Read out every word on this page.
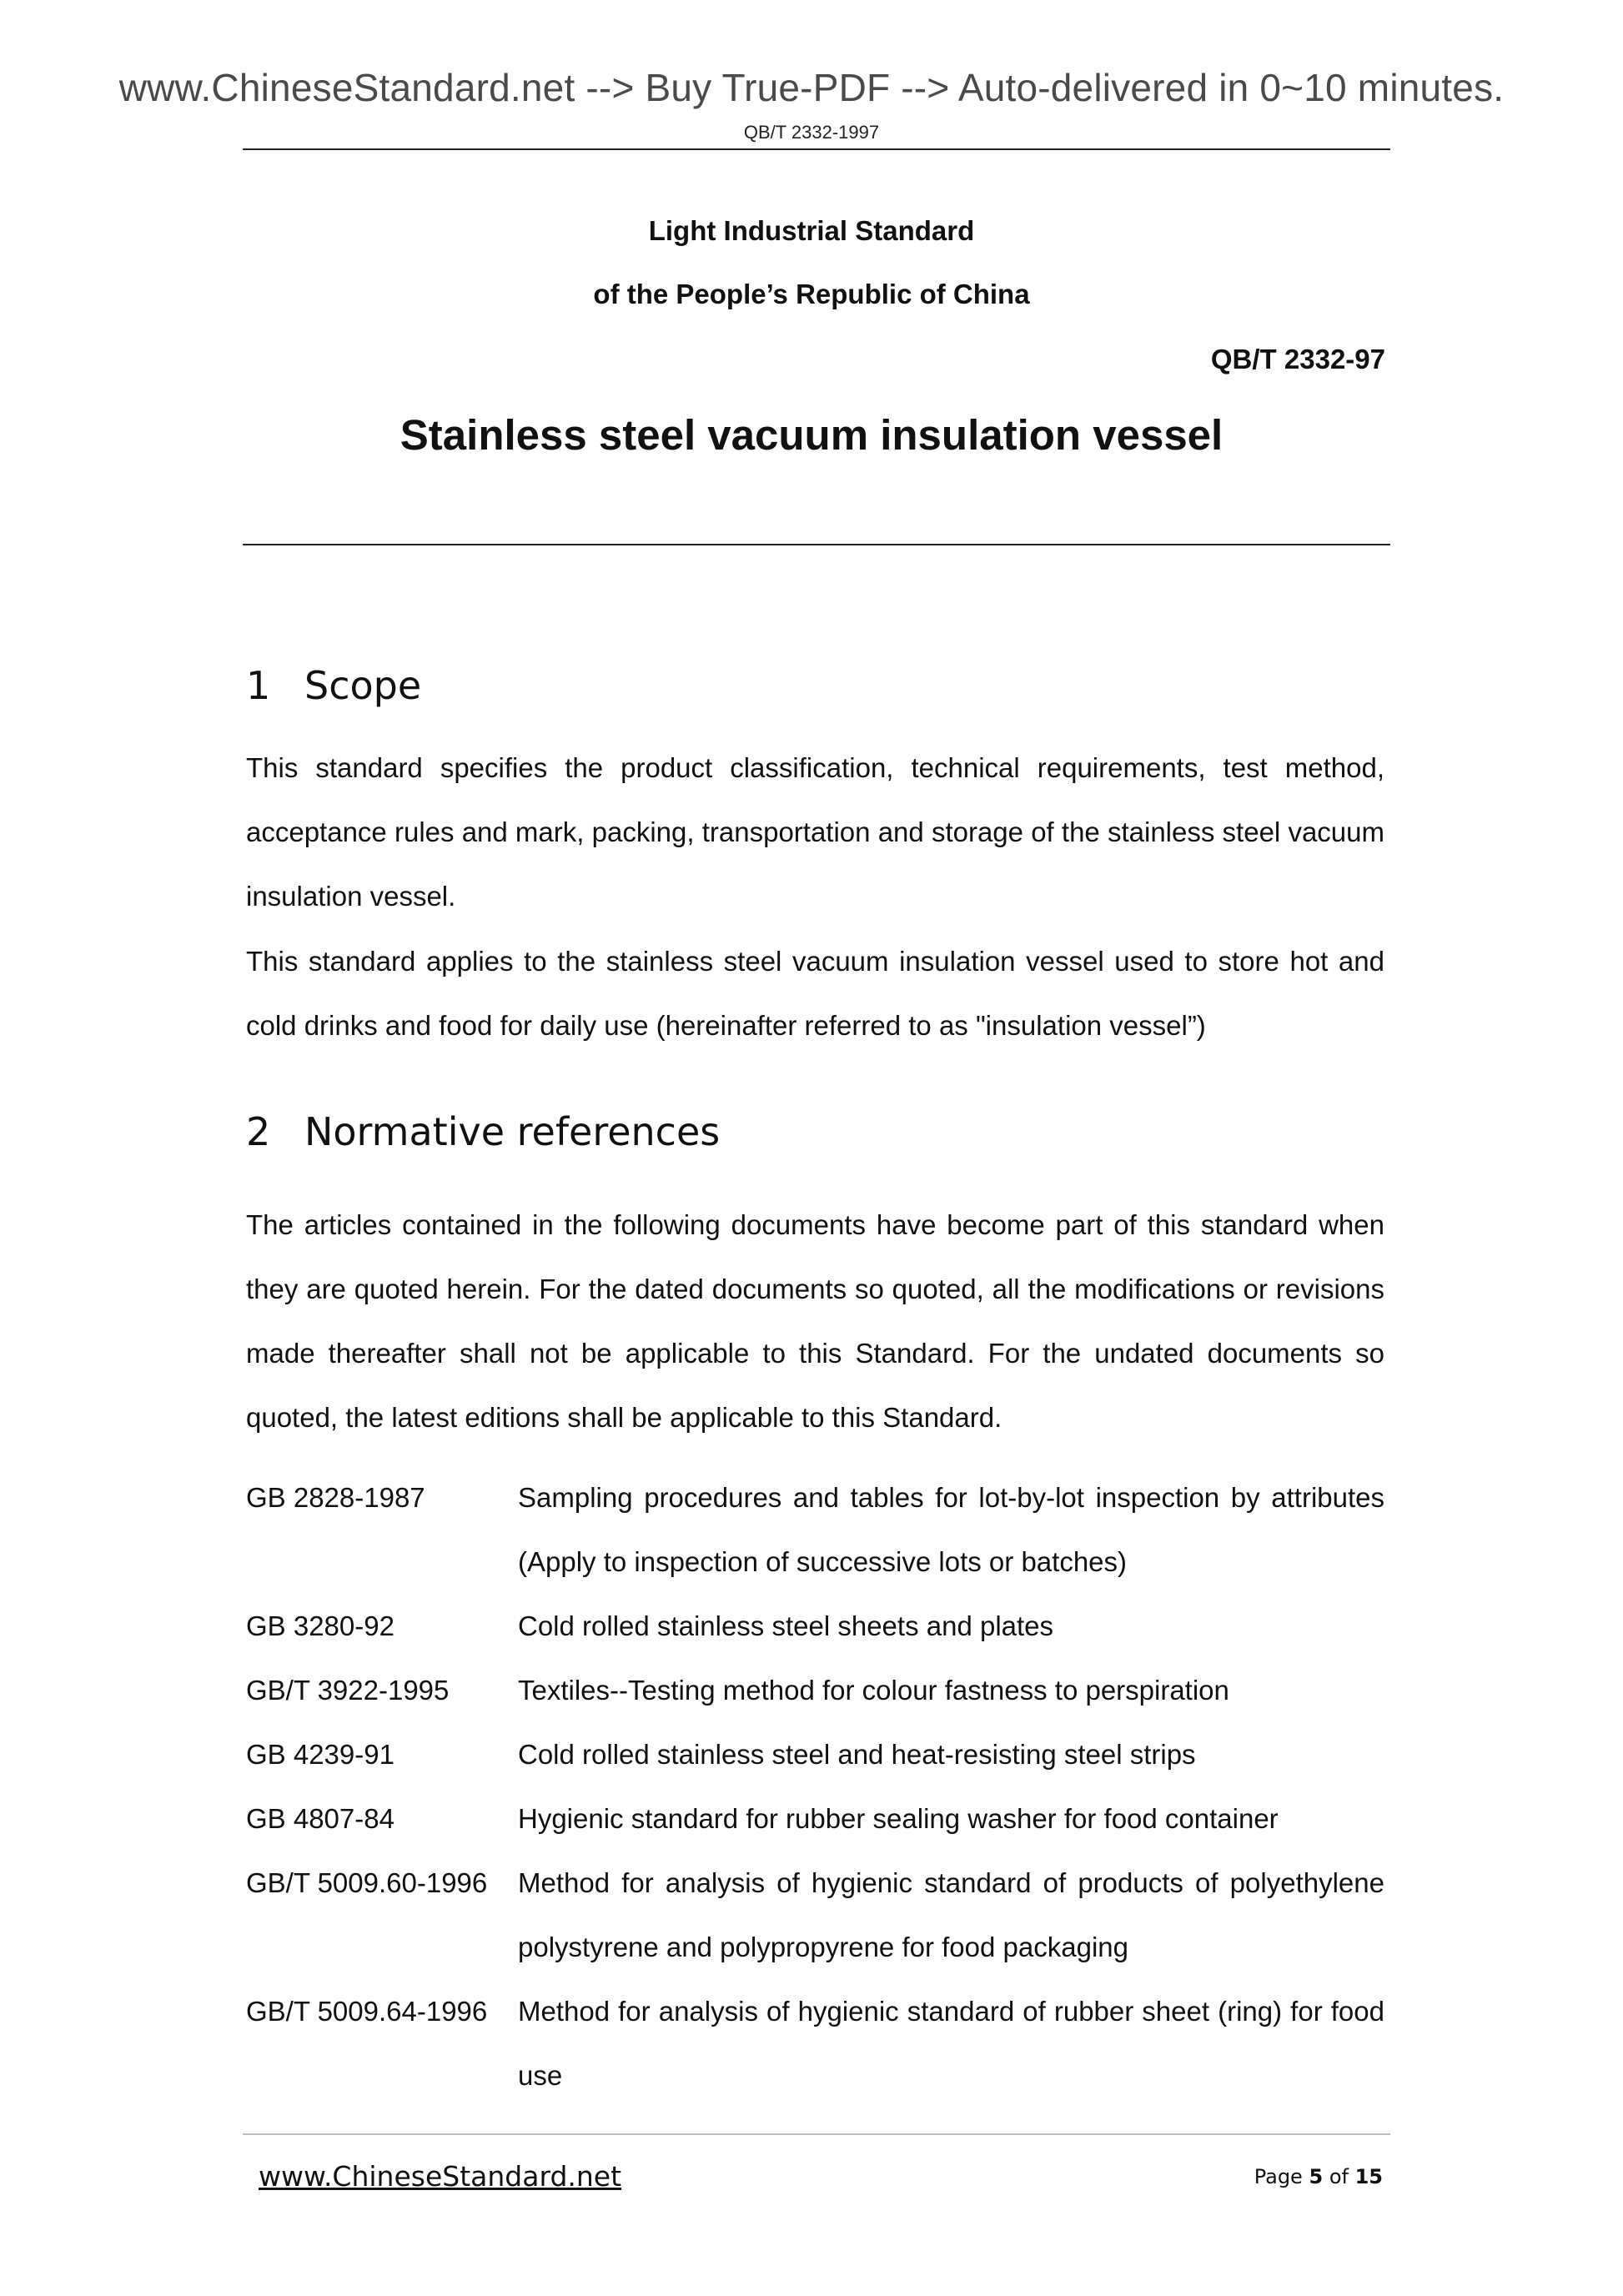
www.ChineseStandard.net --> Buy True-PDF --> Auto-delivered in 0~10 minutes.
QB/T 2332-1997
Light Industrial Standard
of the People’s Republic of China
QB/T 2332-97
Stainless steel vacuum insulation vessel
1 Scope
This standard specifies the product classification, technical requirements, test method, acceptance rules and mark, packing, transportation and storage of the stainless steel vacuum insulation vessel.
This standard applies to the stainless steel vacuum insulation vessel used to store hot and cold drinks and food for daily use (hereinafter referred to as "insulation vessel”)
2 Normative references
The articles contained in the following documents have become part of this standard when they are quoted herein. For the dated documents so quoted, all the modifications or revisions made thereafter shall not be applicable to this Standard. For the undated documents so quoted, the latest editions shall be applicable to this Standard.
GB 2828-1987	Sampling procedures and tables for lot-by-lot inspection by attributes (Apply to inspection of successive lots or batches)
GB 3280-92	Cold rolled stainless steel sheets and plates
GB/T 3922-1995	Textiles--Testing method for colour fastness to perspiration
GB 4239-91	Cold rolled stainless steel and heat-resisting steel strips
GB 4807-84	Hygienic standard for rubber sealing washer for food container
GB/T 5009.60-1996	Method for analysis of hygienic standard of products of polyethylene polystyrene and polypropyrene for food packaging
GB/T 5009.64-1996	Method for analysis of hygienic standard of rubber sheet (ring) for food use
www.ChineseStandard.net	Page 5 of 15
